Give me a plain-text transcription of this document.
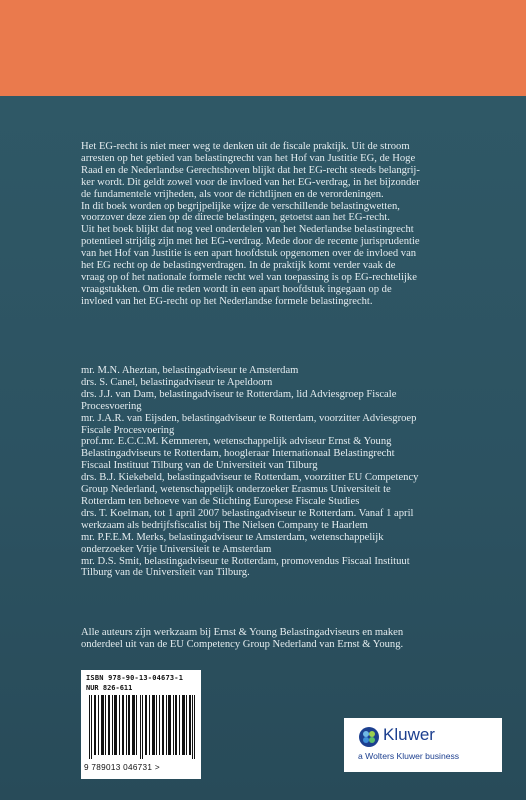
Het EG-recht is niet meer weg te denken uit de fiscale praktijk. Uit de stroom

arresten op het gebied van belastingrecht van het Hof van Justitie EG, de Hoge

Raad en de Nederlandse Gerechtshoven blijkt dat het EG-recht steeds belangrij-

ker wordt. Dit geldt zowel voor de invloed van het EG-verdrag, in het bijzonder

de fundamentele vrijheden, als voor de richtlijnen en de verordeningen.

In dit boek worden op begrijpelijke wijze de verschillende belastingwetten,

voorzover deze zien op de directe belastingen, getoetst aan het EG-recht.

Uit het boek blijkt dat nog veel onderdelen van het Nederlandse belastingrecht

potentieel strijdig zijn met het EG-verdrag. Mede door de recente jurisprudentie

van het Hof van Justitie is een apart hoofdstuk opgenomen over de invloed van

het EG recht op de belastingverdragen. In de praktijk komt verder vaak de

vraag op of het nationale formele recht wel van toepassing is op EG-rechtelijke

vraagstukken. Om die reden wordt in een apart hoofdstuk ingegaan op de

invloed van het EG-recht op het Nederlandse formele belastingrecht.

mr. M.N. Aheztan, belastingadviseur te Amsterdam

drs. S. Canel, belastingadviseur te Apeldoorn

drs. J.J. van Dam, belastingadviseur te Rotterdam, lid Adviesgroep Fiscale

Procesvoering

mr. J.A.R. van Eijsden, belastingadviseur te Rotterdam, voorzitter Adviesgroep

Fiscale Procesvoering

prof.mr. E.C.C.M. Kemmeren, wetenschappelijk adviseur Ernst & Young

Belastingadviseurs te Rotterdam, hoogleraar Internationaal Belastingrecht

Fiscaal Instituut Tilburg van de Universiteit van Tilburg

drs. B.J. Kiekebeld, belastingadviseur te Rotterdam, voorzitter EU Competency

Group Nederland, wetenschappelijk onderzoeker Erasmus Universiteit te

Rotterdam ten behoeve van de Stichting Europese Fiscale Studies

drs. T. Koelman, tot 1 april 2007 belastingadviseur te Rotterdam. Vanaf 1 april

werkzaam als bedrijfsfiscalist bij The Nielsen Company te Haarlem

mr. P.F.E.M. Merks, belastingadviseur te Amsterdam, wetenschappelijk

onderzoeker Vrije Universiteit te Amsterdam

mr. D.S. Smit, belastingadviseur te Rotterdam, promovendus Fiscaal Instituut

Tilburg van de Universiteit van Tilburg.

Alle auteurs zijn werkzaam bij Ernst & Young Belastingadviseurs en maken

onderdeel uit van de EU Competency Group Nederland van Ernst & Young.

ISBN 978-90-13-04673-1
NUR 826-611
9 789013 046731 >
Kluwer
a Wolters Kluwer business
